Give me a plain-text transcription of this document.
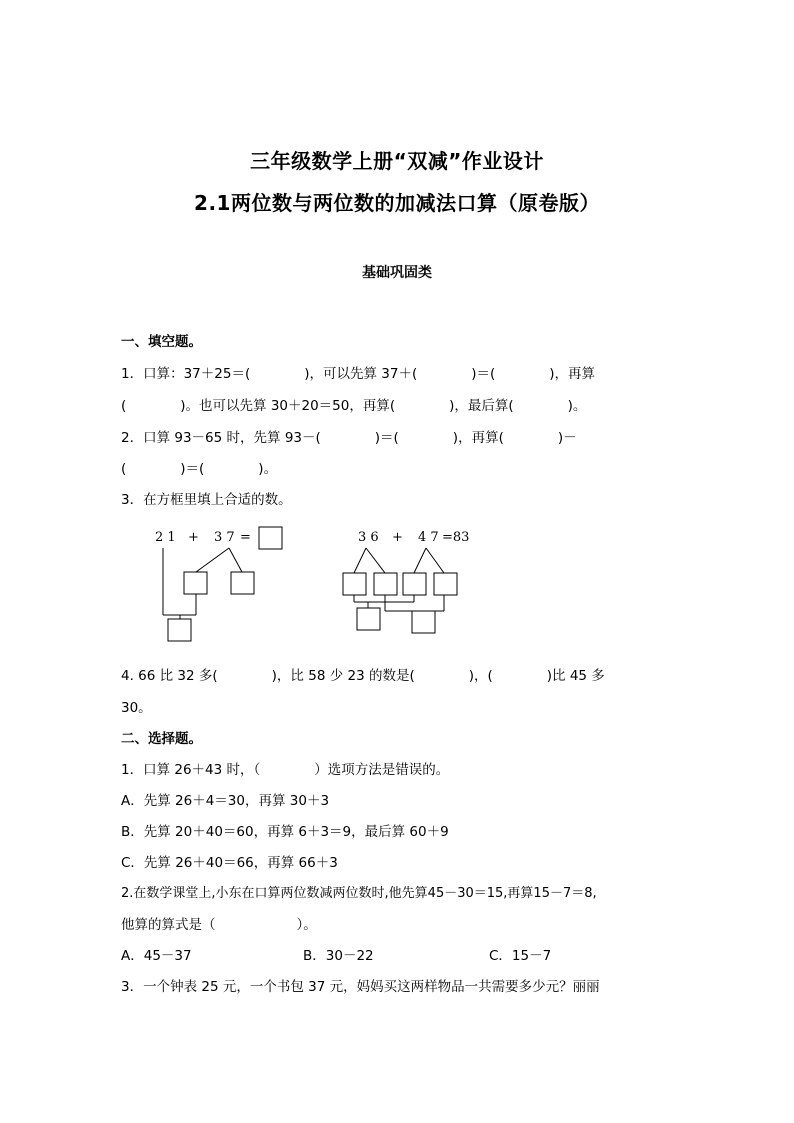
三年级数学上册“双减”作业设计
2.1两位数与两位数的加减法口算（原卷版）
基础巩固类
一、填空题。
1．口算：37＋25＝(　　　　)，可以先算 37＋(　　　　)＝(　　　　)，再算
(　　　　)。也可以先算 30＋20＝50，再算(　　　　)，最后算(　　　　)。
2．口算 93－65 时，先算 93－(　　　　)＝(　　　　)，再算(　　　　)－
(　　　　)＝(　　　　)。
3．在方框里填上合适的数。
2 1 + 3 7 =	3 6 + 4 7 =83
4. 66 比 32 多(　　　　)，比 58 少 23 的数是(　　　　)，(　　　　)比 45 多
30。
二、选择题。
1．口算 26＋43 时，（　　　　）选项方法是错误的。
A．先算 26＋4＝30，再算 30＋3
B．先算 20＋40＝60，再算 6＋3＝9，最后算 60＋9
C．先算 26＋40＝66，再算 66＋3
2.在数学课堂上,小东在口算两位数减两位数时,他先算45－30＝15,再算15－7＝8,
他算的算式是（　　　　　　）。
A．45－37	B．30－22	C．15－7
3．一个钟表 25 元，一个书包 37 元，妈妈买这两样物品一共需要多少元？丽丽
